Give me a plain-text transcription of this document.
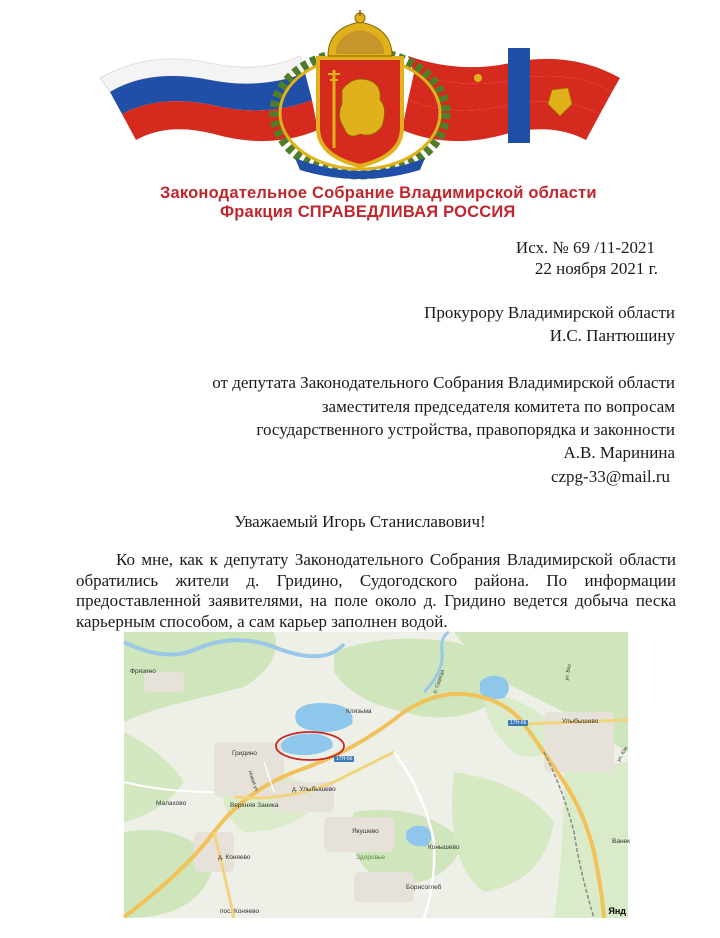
Законодательное Собрание Владимирской области
Фракция СПРАВЕДЛИВАЯ РОССИЯ
Исх. № 69 /11-2021
22 ноября 2021 г.
Прокурору Владимирской области
И.С. Пантюшину
от депутата Законодательного Собрания Владимирской области
заместителя председателя комитета по вопросам
государственного устройства, правопорядка и законности
А.В. Маринина
czpg-33@mail.ru
Уважаемый Игорь Станиславович!
Ко мне, как к депутату Законодательного Собрания Владимирской области обратились жители д. Гридино, Судогодского района. По информации предоставленной заявителями, на поле около д. Гридино ведется добыча песка карьерным способом, а сам карьер заполнен водой.
Фрязино
Клязьма
Гридино
Новая ул.	д. Улыбышево
Малахово	Верхняя Заника
д. Коняево
Якушево
Конышево
Здоровье
Борисоглеб
пос. Коняево
Улыбышево
Ванек
р. Судогда	ул. Вяз
ул. Юж
17Н-66
17Н-66
Янд
